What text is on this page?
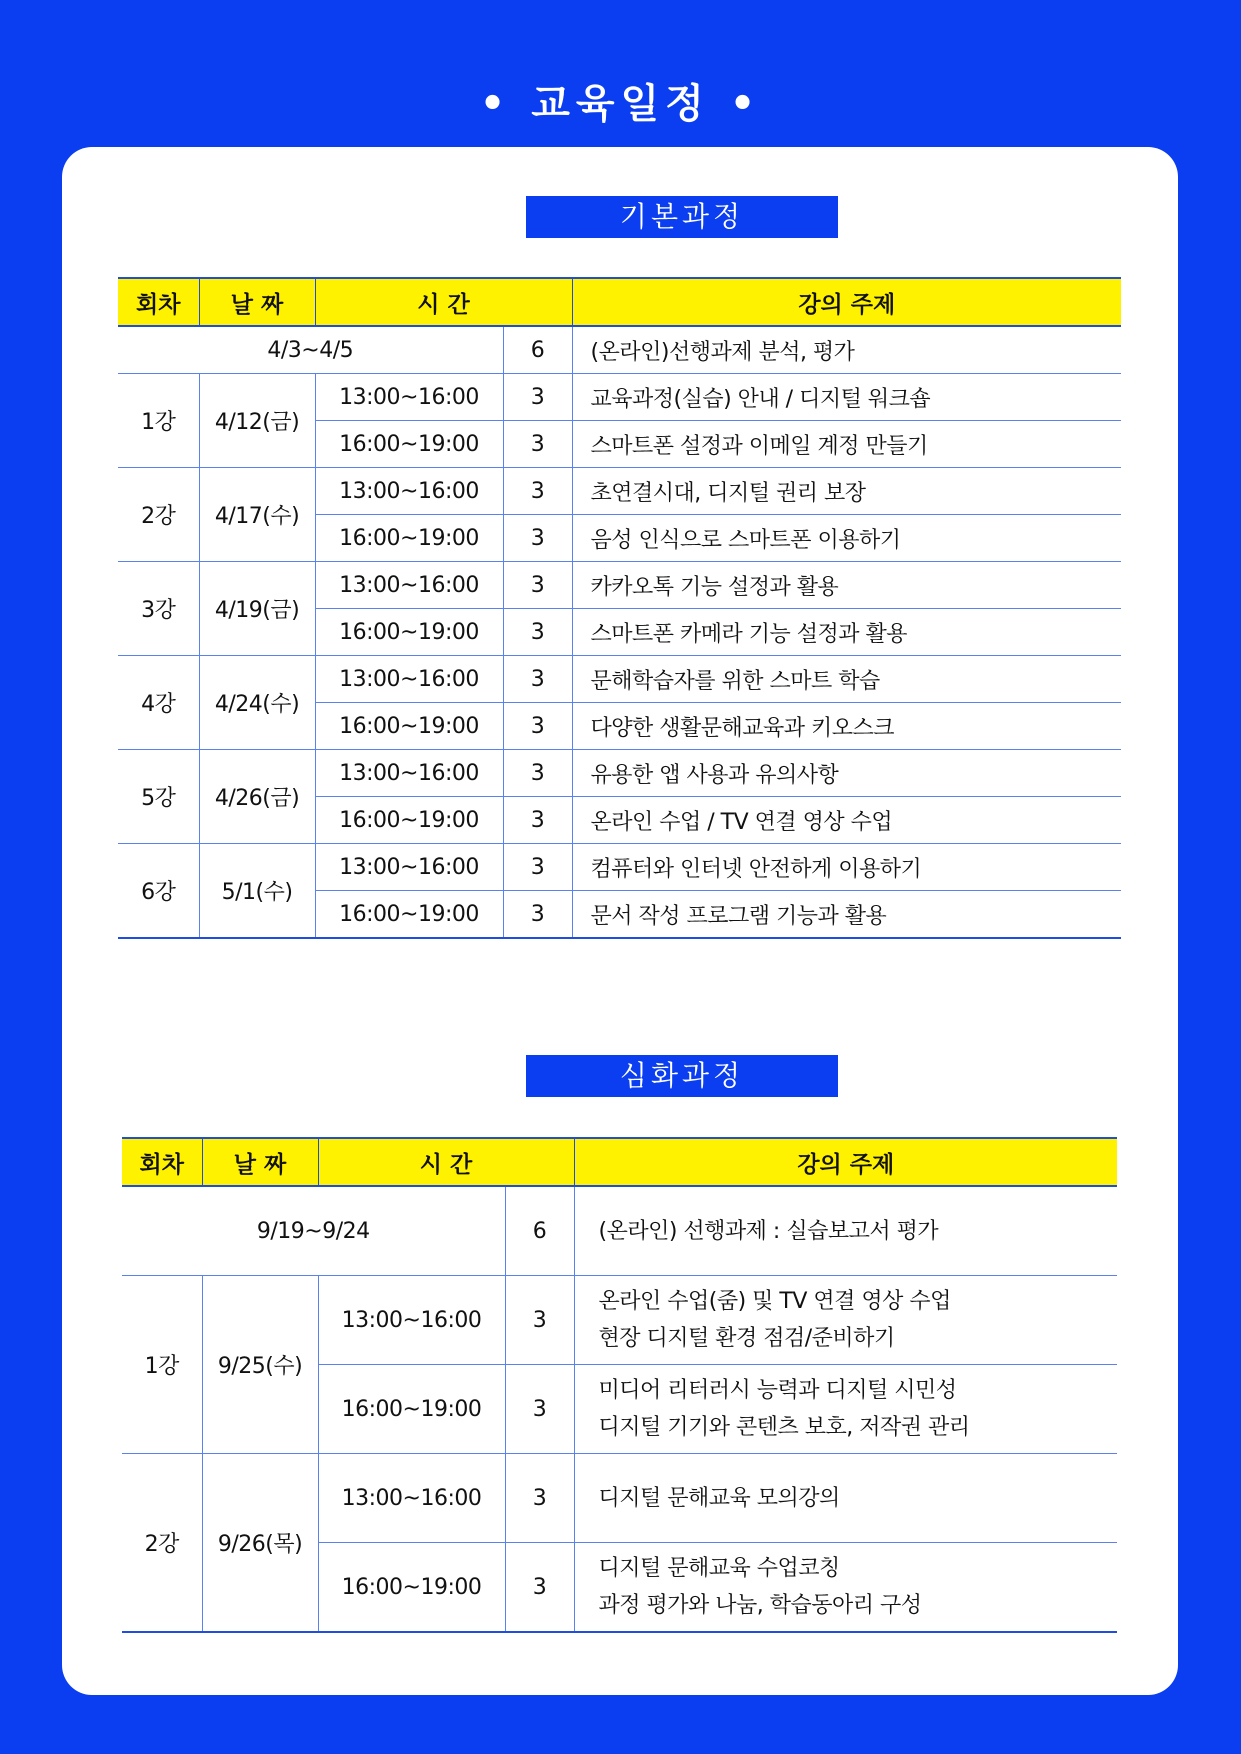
• 교육일정 •
기본과정
심화과정
회차	날 짜	시 간		강의 주제
4/3~4/5			6	(온라인)선행과제 분석, 평가
1강	4/12(금)	13:00~16:00	3	교육과정(실습) 안내 / 디지털 워크숍
		16:00~19:00	3	스마트폰 설정과 이메일 계정 만들기
2강	4/17(수)	13:00~16:00	3	초연결시대, 디지털 권리 보장
		16:00~19:00	3	음성 인식으로 스마트폰 이용하기
3강	4/19(금)	13:00~16:00	3	카카오톡 기능 설정과 활용
		16:00~19:00	3	스마트폰 카메라 기능 설정과 활용
4강	4/24(수)	13:00~16:00	3	문해학습자를 위한 스마트 학습
		16:00~19:00	3	다양한 생활문해교육과 키오스크
5강	4/26(금)	13:00~16:00	3	유용한 앱 사용과 유의사항
		16:00~19:00	3	온라인 수업 / TV 연결 영상 수업
6강	5/1(수)	13:00~16:00	3	컴퓨터와 인터넷 안전하게 이용하기
		16:00~19:00	3	문서 작성 프로그램 기능과 활용
회차	날 짜	시 간		강의 주제
9/19~9/24			6	(온라인) 선행과제 : 실습보고서 평가
1강	9/25(수)	13:00~16:00	3	온라인 수업(줌) 및 TV 연결 영상 수업
현장 디지털 환경 점검/준비하기

		16:00~19:00	3	미디어 리터러시 능력과 디지털 시민성
디지털 기기와 콘텐츠 보호, 저작권 관리

2강	9/26(목)	13:00~16:00	3	디지털 문해교육 모의강의

		16:00~19:00	3	디지털 문해교육 수업코칭
과정 평가와 나눔, 학습동아리 구성
